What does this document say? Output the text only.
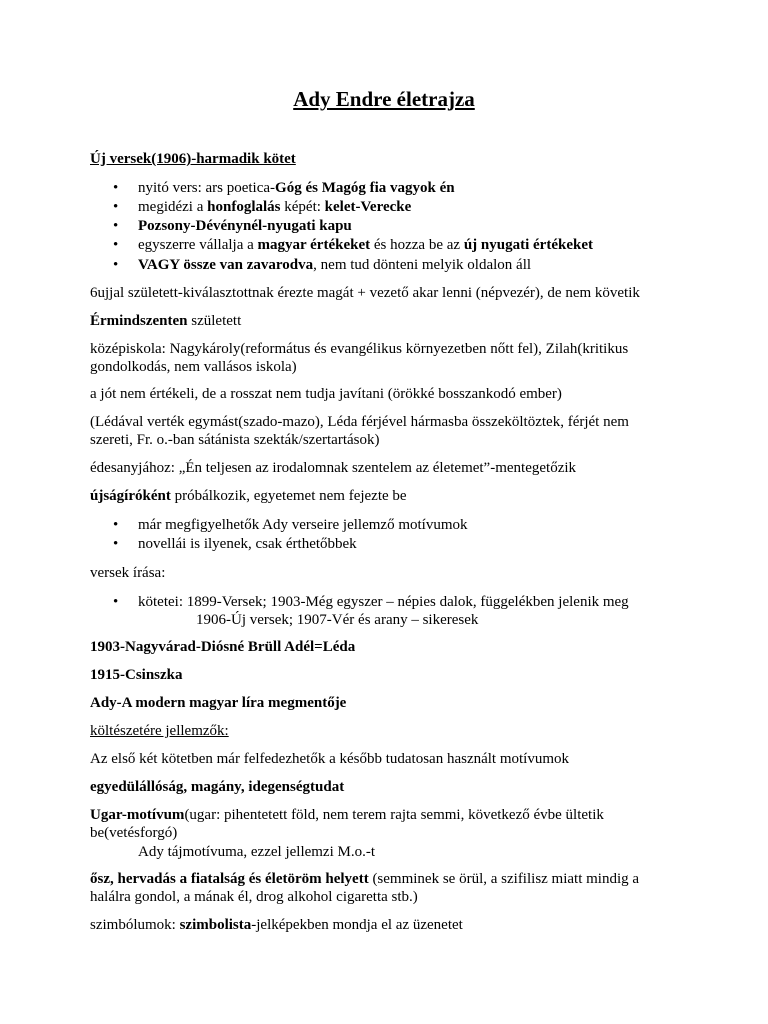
Ady Endre életrajza
Új versek(1906)-harmadik kötet
• nyitó vers: ars poetica-Góg és Magóg fia vagyok én
• megidézi a honfoglalás képét: kelet-Verecke
• Pozsony-Dévénynél-nyugati kapu
• egyszerre vállalja a magyar értékeket és hozza be az új nyugati értékeket
• VAGY össze van zavarodva, nem tud dönteni melyik oldalon áll
6ujjal született-kiválasztottnak érezte magát + vezető akar lenni (népvezér), de nem követik
Érmindszenten született
középiskola: Nagykároly(református és evangélikus környezetben nőtt fel), Zilah(kritikus
gondolkodás, nem vallásos iskola)
a jót nem értékeli, de a rosszat nem tudja javítani (örökké bosszankodó ember)
(Lédával verték egymást(szado-mazo), Léda férjével hármasba összeköltöztek, férjét nem
szereti, Fr. o.-ban sátánista szekták/szertartások)
édesanyjához: „Én teljesen az irodalomnak szentelem az életemet”-mentegetőzik
újságíróként próbálkozik, egyetemet nem fejezte be
• már megfigyelhetők Ady verseire jellemző motívumok
• novellái is ilyenek, csak érthetőbbek
versek írása:
• kötetei: 1899-Versek; 1903-Még egyszer – népies dalok, függelékben jelenik meg
1906-Új versek; 1907-Vér és arany – sikeresek
1903-Nagyvárad-Diósné Brüll Adél=Léda
1915-Csinszka
Ady-A modern magyar líra megmentője
költészetére jellemzők:
Az első két kötetben már felfedezhetők a később tudatosan használt motívumok
egyedülállóság, magány, idegenségtudat
Ugar-motívum(ugar: pihentetett föld, nem terem rajta semmi, következő évbe ültetik
be(vetésforgó)
Ady tájmotívuma, ezzel jellemzi M.o.-t
ősz, hervadás a fiatalság és életöröm helyett (semminek se örül, a szifilisz miatt mindig a
halálra gondol, a mának él, drog alkohol cigaretta stb.)
szimbólumok: szimbolista-jelképekben mondja el az üzenetet
